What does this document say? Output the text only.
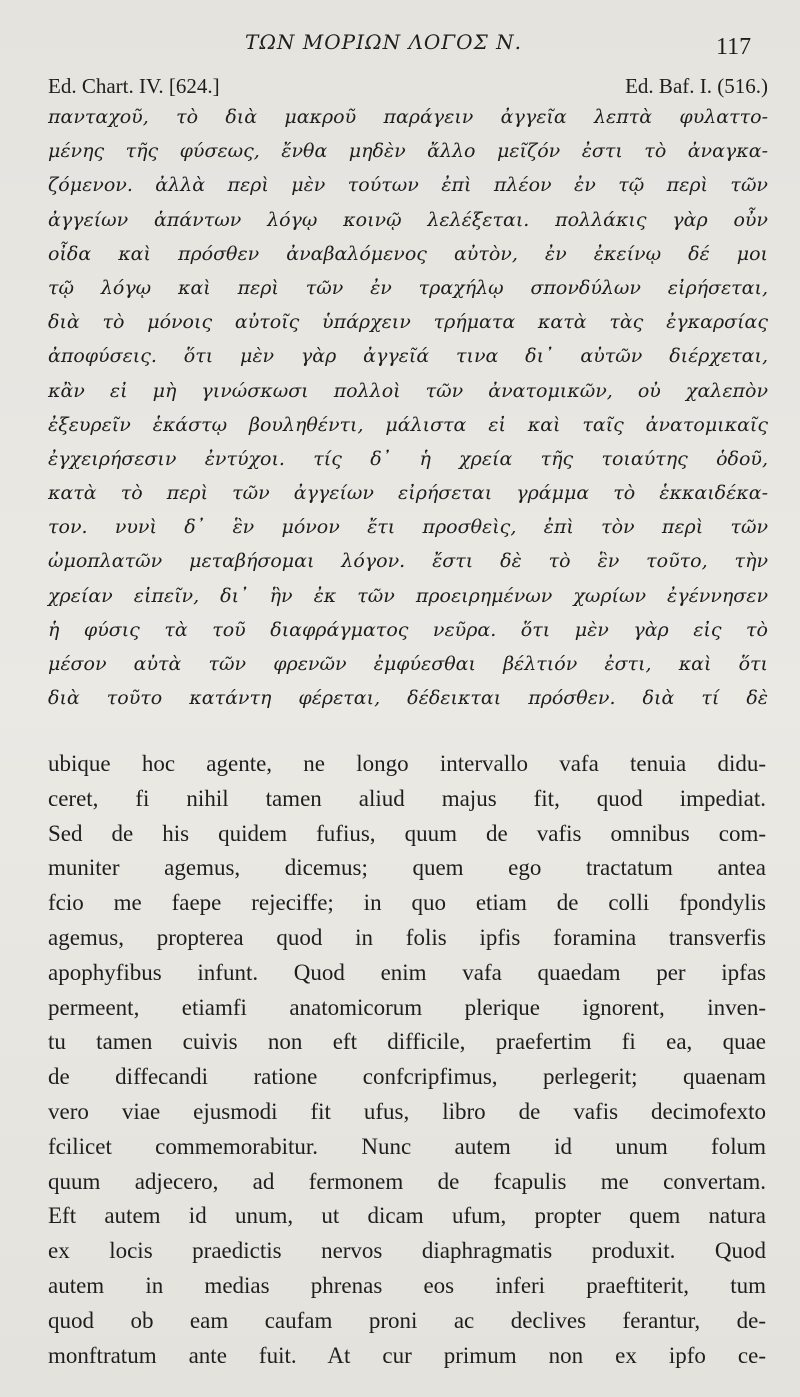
ΤΩΝ ΜΟΡΙΩΝ ΛΟΓΟΣ Ν.	117
Ed. Chart. IV. [624.]	Ed. Baf. I. (516.)
πανταχοῦ, τὸ διὰ μακροῦ παράγειν ἀγγεῖα λεπτὰ φυλαττο-
μένης τῆς φύσεως, ἔνθα μηδὲν ἄλλο μεῖζόν ἐστι τὸ ἀναγκα-
ζόμενον. ἀλλὰ περὶ μὲν τούτων ἐπὶ πλέον ἐν τῷ περὶ τῶν
ἀγγείων ἁπάντων λόγῳ κοινῷ λελέξεται. πολλάκις γὰρ οὖν
οἶδα καὶ πρόσθεν ἀναβαλόμενος αὐτὸν, ἐν ἐκείνῳ δέ μοι
τῷ λόγῳ καὶ περὶ τῶν ἐν τραχήλῳ σπονδύλων εἰρήσεται,
διὰ τὸ μόνοις αὐτοῖς ὑπάρχειν τρήματα κατὰ τὰς ἐγκαρσίας
ἀποφύσεις. ὅτι μὲν γὰρ ἀγγεῖά τινα δι᾿ αὐτῶν διέρχεται,
κἂν εἰ μὴ γινώσκωσι πολλοὶ τῶν ἀνατομικῶν, οὐ χαλεπὸν
ἐξευρεῖν ἑκάστῳ βουληθέντι, μάλιστα εἰ καὶ ταῖς ἀνατομικαῖς
ἐγχειρήσεσιν ἐντύχοι. τίς δ᾿ ἡ χρεία τῆς τοιαύτης ὁδοῦ,
κατὰ τὸ περὶ τῶν ἀγγείων εἰρήσεται γράμμα τὸ ἑκκαιδέκα-
τον. νυνὶ δ᾿ ἓν μόνον ἔτι προσθεὶς, ἐπὶ τὸν περὶ τῶν
ὠμοπλατῶν μεταβήσομαι λόγον. ἔστι δὲ τὸ ἓν τοῦτο, τὴν
χρείαν εἰπεῖν, δι᾿ ἣν ἐκ τῶν προειρημένων χωρίων ἐγέννησεν
ἡ φύσις τὰ τοῦ διαφράγματος νεῦρα. ὅτι μὲν γὰρ εἰς τὸ
μέσον αὐτὰ τῶν φρενῶν ἐμφύεσθαι βέλτιόν ἐστι, καὶ ὅτι
διὰ τοῦτο κατάντη φέρεται, δέδεικται πρόσθεν. διὰ τί δὲ
ubique hoc agente, ne longo intervallo vafa tenuia didu-
ceret, fi nihil tamen aliud majus fit, quod impediat.
Sed de his quidem fufius, quum de vafis omnibus com-
muniter agemus, dicemus; quem ego tractatum antea
fcio me faepe rejeciffe; in quo etiam de colli fpondylis
agemus, propterea quod in folis ipfis foramina transverfis
apophyfibus infunt. Quod enim vafa quaedam per ipfas
permeent, etiamfi anatomicorum plerique ignorent, inven-
tu tamen cuivis non eft difficile, praefertim fi ea, quae
de diffecandi ratione confcripfimus, perlegerit; quaenam
vero viae ejusmodi fit ufus, libro de vafis decimofexto
fcilicet commemorabitur. Nunc autem id unum folum
quum adjecero, ad fermonem de fcapulis me convertam.
Eft autem id unum, ut dicam ufum, propter quem natura
ex locis praedictis nervos diaphragmatis produxit. Quod
autem in medias phrenas eos inferi praeftiterit, tum
quod ob eam caufam proni ac declives ferantur, de-
monftratum ante fuit. At cur primum non ex ipfo ce-
